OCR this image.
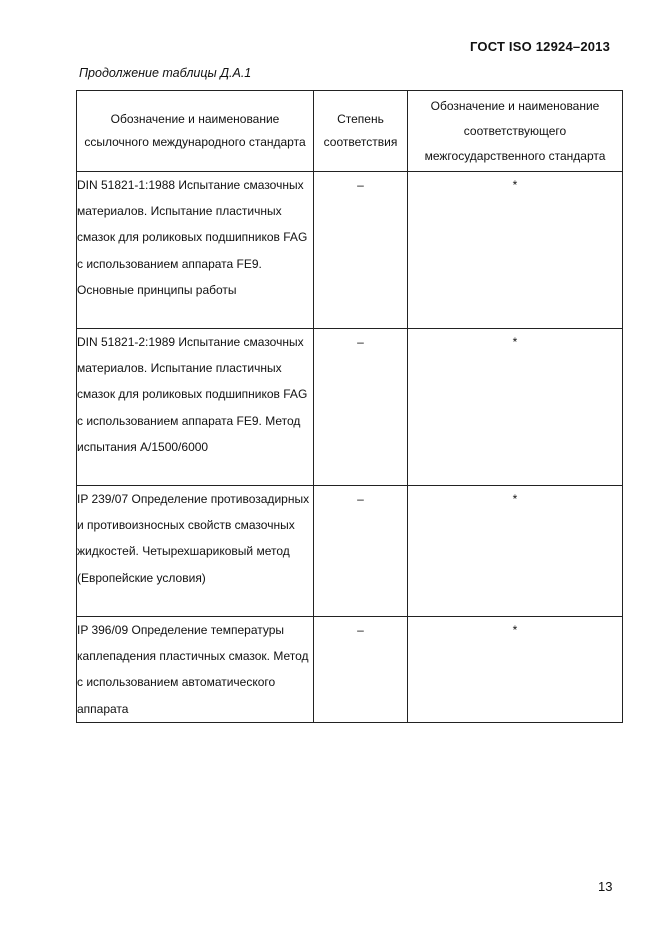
ГОСТ ISO 12924–2013
Продолжение таблицы Д.А.1
Обозначение и наименование ссылочного международного стандарта	Степень соответствия	Обозначение и наименование соответствующего межгосударственного стандарта

DIN 51821-1:1988 Испытание смазочных материалов. Испытание пластичных смазок для роликовых подшипников FAG с использованием аппарата FE9. Основные принципы работы	–	*

DIN 51821-2:1989 Испытание смазочных материалов. Испытание пластичных смазок для роликовых подшипников FAG с использованием аппарата FE9. Метод испытания A/1500/6000	–	*

IP 239/07 Определение противозадирных и противоизносных свойств смазочных жидкостей. Четырехшариковый метод (Европейские условия)	–	*

IP 396/09 Определение температуры каплепадения пластичных смазок. Метод с использованием автоматического аппарата	–	*
13
